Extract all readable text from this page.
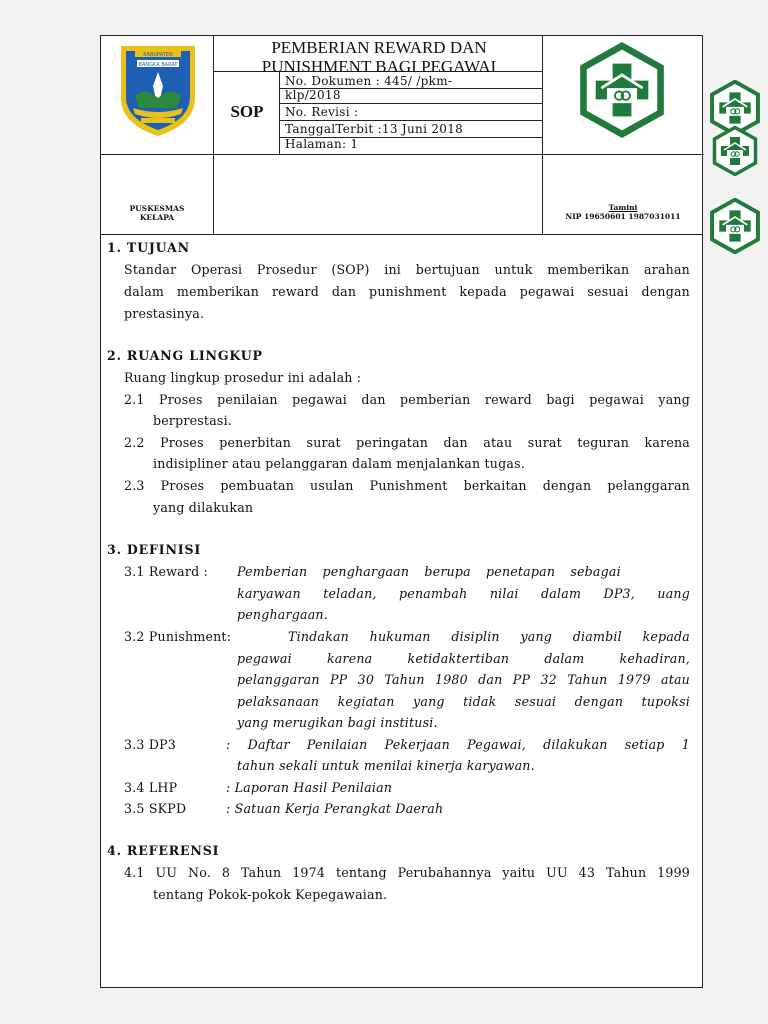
KABUPATEN
BANGKA BARAT
PEMBERIAN REWARD DAN
PUNISHMENT BAGI PEGAWAI
SOP
No. Dokumen : 445/ /pkm-
klp/2018
No. Revisi :
TanggalTerbit :13 Juni 2018
Halaman: 1
PUSKESMAS
KELAPA
Tamini
NIP 19650601 1987031011
1. TUJUAN
Standar Operasi Prosedur (SOP) ini bertujuan untuk memberikan arahan
dalam memberikan reward dan punishment kepada pegawai sesuai dengan
prestasinya.
2. RUANG LINGKUP
Ruang lingkup prosedur ini adalah :
2.1 Proses penilaian pegawai dan pemberian reward bagi pegawai yang
berprestasi.
2.2 Proses penerbitan surat peringatan dan atau surat teguran karena
indisipliner atau pelanggaran dalam menjalankan tugas.
2.3 Proses pembuatan usulan Punishment berkaitan dengan pelanggaran
yang dilakukan
3. DEFINISI
3.1 Reward : Pemberian penghargaan berupa penetapan sebagai
karyawan teladan, penambah nilai dalam DP3, uang
penghargaan.
3.2 Punishment:	Tindakan hukuman disiplin yang diambil kepada
pegawai karena ketidaktertiban dalam kehadiran,
pelanggaran PP 30 Tahun 1980 dan PP 32 Tahun 1979 atau
pelaksanaan kegiatan yang tidak sesuai dengan tupoksi
yang merugikan bagi institusi.
3.3 DP3	: Daftar Penilaian Pekerjaan Pegawai, dilakukan setiap 1
tahun sekali untuk menilai kinerja karyawan.
3.4 LHP	: Laporan Hasil Penilaian
3.5 SKPD	: Satuan Kerja Perangkat Daerah
4. REFERENSI
4.1 UU No. 8 Tahun 1974 tentang Perubahannya yaitu UU 43 Tahun 1999
tentang Pokok-pokok Kepegawaian.
